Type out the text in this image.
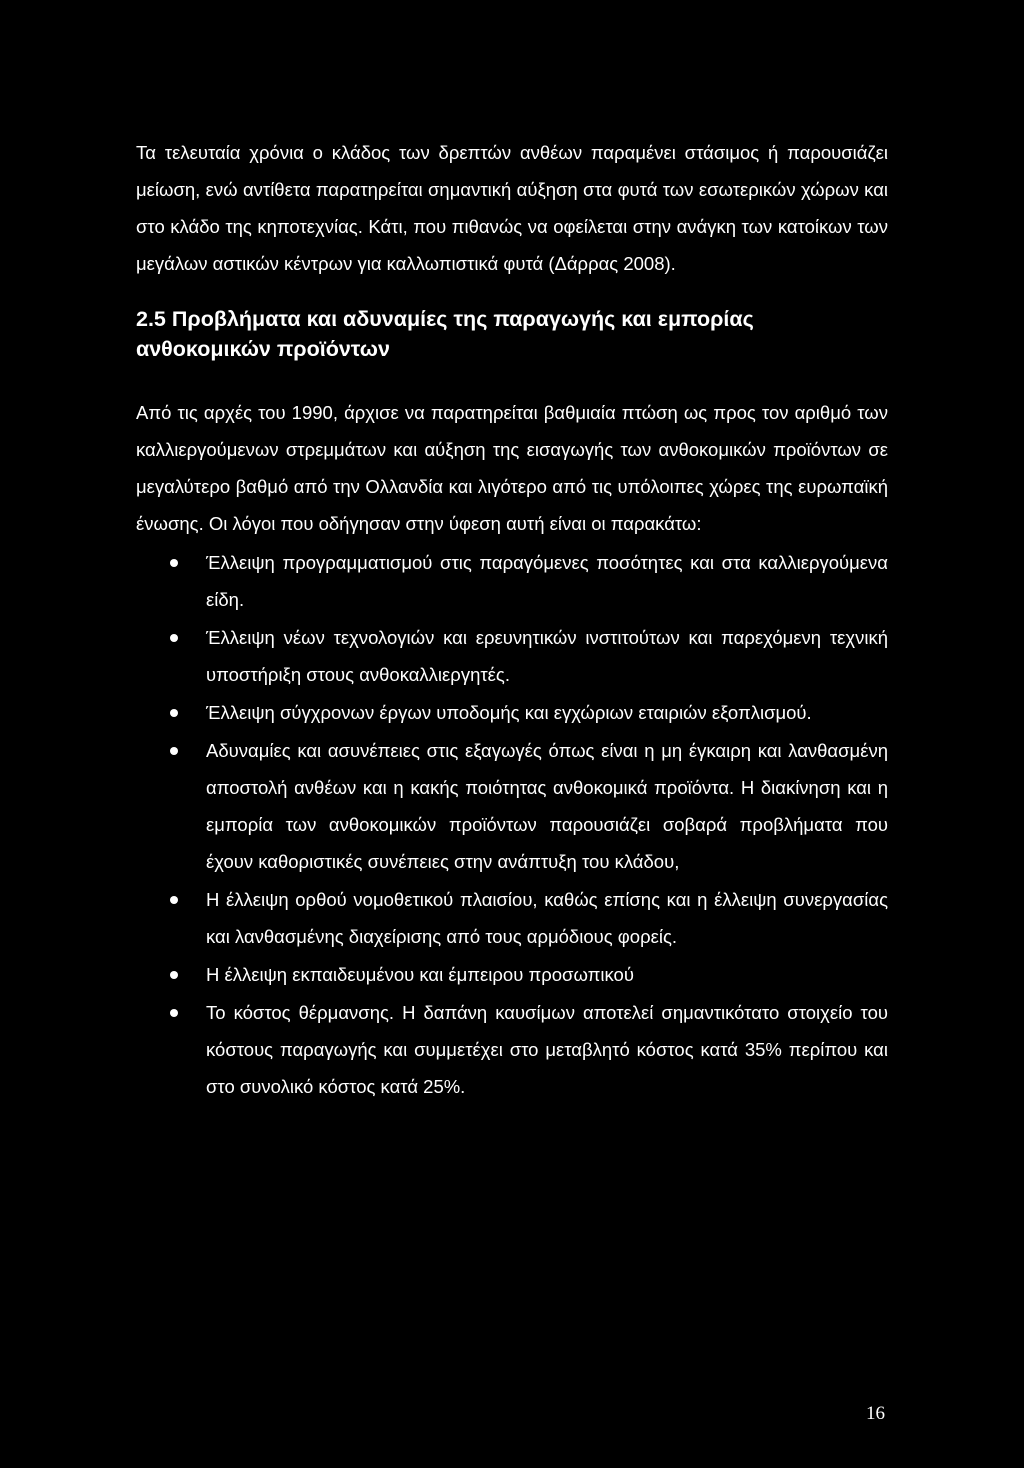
Τα τελευταία χρόνια ο κλάδος των δρεπτών ανθέων παραμένει στάσιμος ή παρουσιάζει μείωση, ενώ αντίθετα παρατηρείται σημαντική αύξηση στα φυτά των εσωτερικών χώρων και στο κλάδο της κηποτεχνίας. Κάτι, που πιθανώς να οφείλεται στην ανάγκη των κατοίκων των μεγάλων αστικών κέντρων για καλλωπιστικά φυτά (Δάρρας 2008).

2.5 Προβλήματα και αδυναμίες της παραγωγής και εμπορίας ανθοκομικών προϊόντων

Από τις αρχές του 1990, άρχισε να παρατηρείται βαθμιαία πτώση ως προς τον αριθμό των καλλιεργούμενων στρεμμάτων και αύξηση της εισαγωγής των ανθοκομικών προϊόντων σε μεγαλύτερο βαθμό από την Ολλανδία και λιγότερο από τις υπόλοιπες χώρες της ευρωπαϊκή ένωσης. Οι λόγοι που οδήγησαν στην ύφεση αυτή είναι οι παρακάτω:

Έλλειψη προγραμματισμού στις παραγόμενες ποσότητες και στα καλλιεργούμενα είδη.
Έλλειψη νέων τεχνολογιών και ερευνητικών ινστιτούτων και παρεχόμενη τεχνική υποστήριξη στους ανθοκαλλιεργητές.
Έλλειψη σύγχρονων έργων υποδομής και εγχώριων εταιριών εξοπλισμού.
Αδυναμίες και ασυνέπειες στις εξαγωγές όπως είναι η μη έγκαιρη και λανθασμένη αποστολή ανθέων και η κακής ποιότητας ανθοκομικά προϊόντα. Η διακίνηση και η εμπορία των ανθοκομικών προϊόντων παρουσιάζει σοβαρά προβλήματα που έχουν καθοριστικές συνέπειες στην ανάπτυξη του κλάδου,
Η έλλειψη ορθού νομοθετικού πλαισίου, καθώς επίσης και η έλλειψη συνεργασίας και λανθασμένης διαχείρισης από τους αρμόδιους φορείς.
Η έλλειψη εκπαιδευμένου και έμπειρου προσωπικού
Το κόστος θέρμανσης. Η δαπάνη καυσίμων αποτελεί σημαντικότατο στοιχείο του κόστους παραγωγής και συμμετέχει στο μεταβλητό κόστος κατά 35% περίπου και στο συνολικό κόστος κατά 25%.
16
